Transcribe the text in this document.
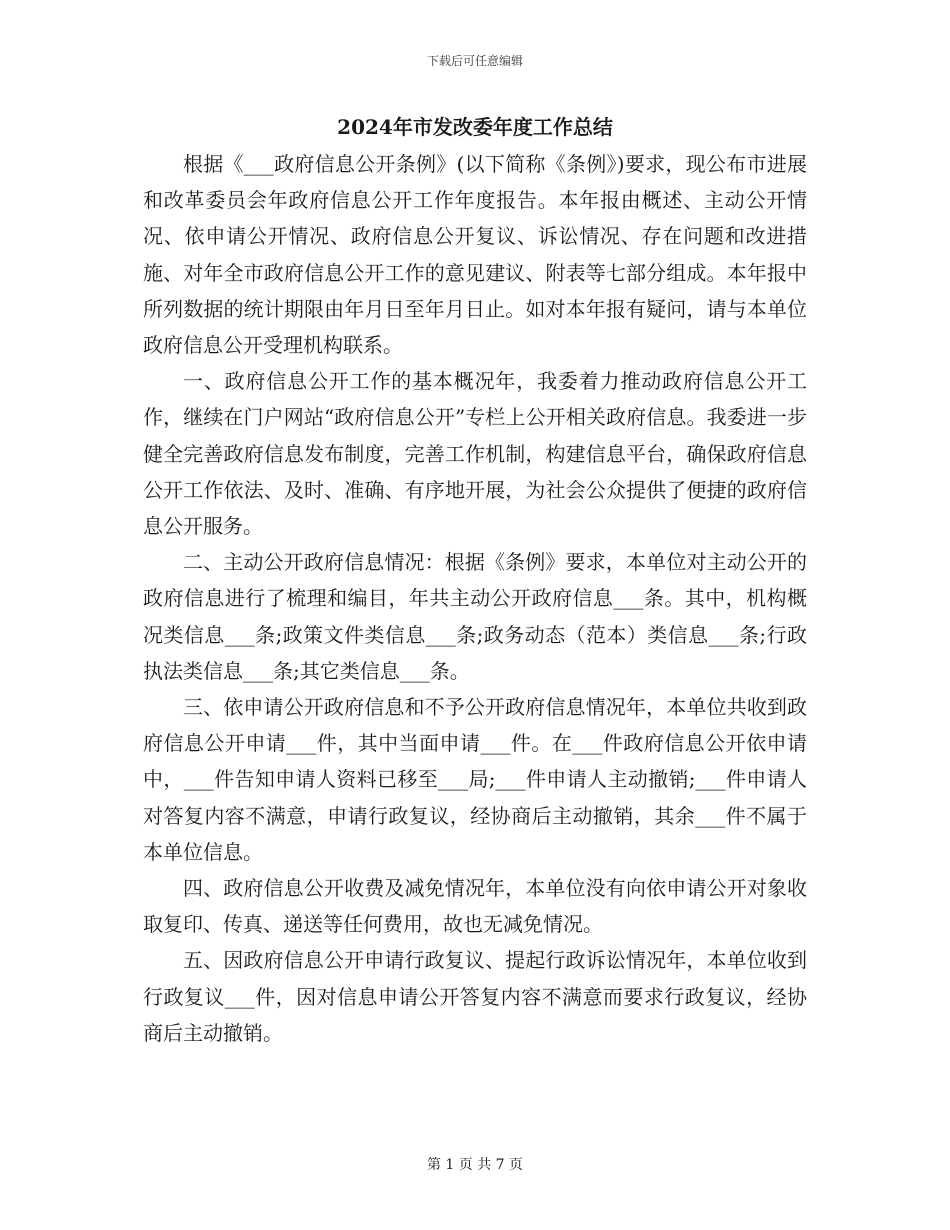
下载后可任意编辑
2024年市发改委年度工作总结

根据《___政府信息公开条例》(以下简称《条例》)要求，现公布市进展和改革委员会年政府信息公开工作年度报告。本年报由概述、主动公开情况、依申请公开情况、政府信息公开复议、诉讼情况、存在问题和改进措施、对年全市政府信息公开工作的意见建议、附表等七部分组成。本年报中所列数据的统计期限由年月日至年月日止。如对本年报有疑问，请与本单位政府信息公开受理机构联系。

一、政府信息公开工作的基本概况年，我委着力推动政府信息公开工作，继续在门户网站“政府信息公开”专栏上公开相关政府信息。我委进一步健全完善政府信息发布制度，完善工作机制，构建信息平台，确保政府信息公开工作依法、及时、准确、有序地开展，为社会公众提供了便捷的政府信息公开服务。

二、主动公开政府信息情况：根据《条例》要求，本单位对主动公开的政府信息进行了梳理和编目，年共主动公开政府信息___条。其中，机构概况类信息___条;政策文件类信息___条;政务动态（范本）类信息___条;行政执法类信息___条;其它类信息___条。

三、依申请公开政府信息和不予公开政府信息情况年，本单位共收到政府信息公开申请___件，其中当面申请___件。在___件政府信息公开依申请中，___件告知申请人资料已移至___局;___件申请人主动撤销;___件申请人对答复内容不满意，申请行政复议，经协商后主动撤销，其余___件不属于本单位信息。

四、政府信息公开收费及减免情况年，本单位没有向依申请公开对象收取复印、传真、递送等任何费用，故也无减免情况。

五、因政府信息公开申请行政复议、提起行政诉讼情况年，本单位收到行政复议___件，因对信息申请公开答复内容不满意而要求行政复议，经协商后主动撤销。

第 1 页 共 7 页
